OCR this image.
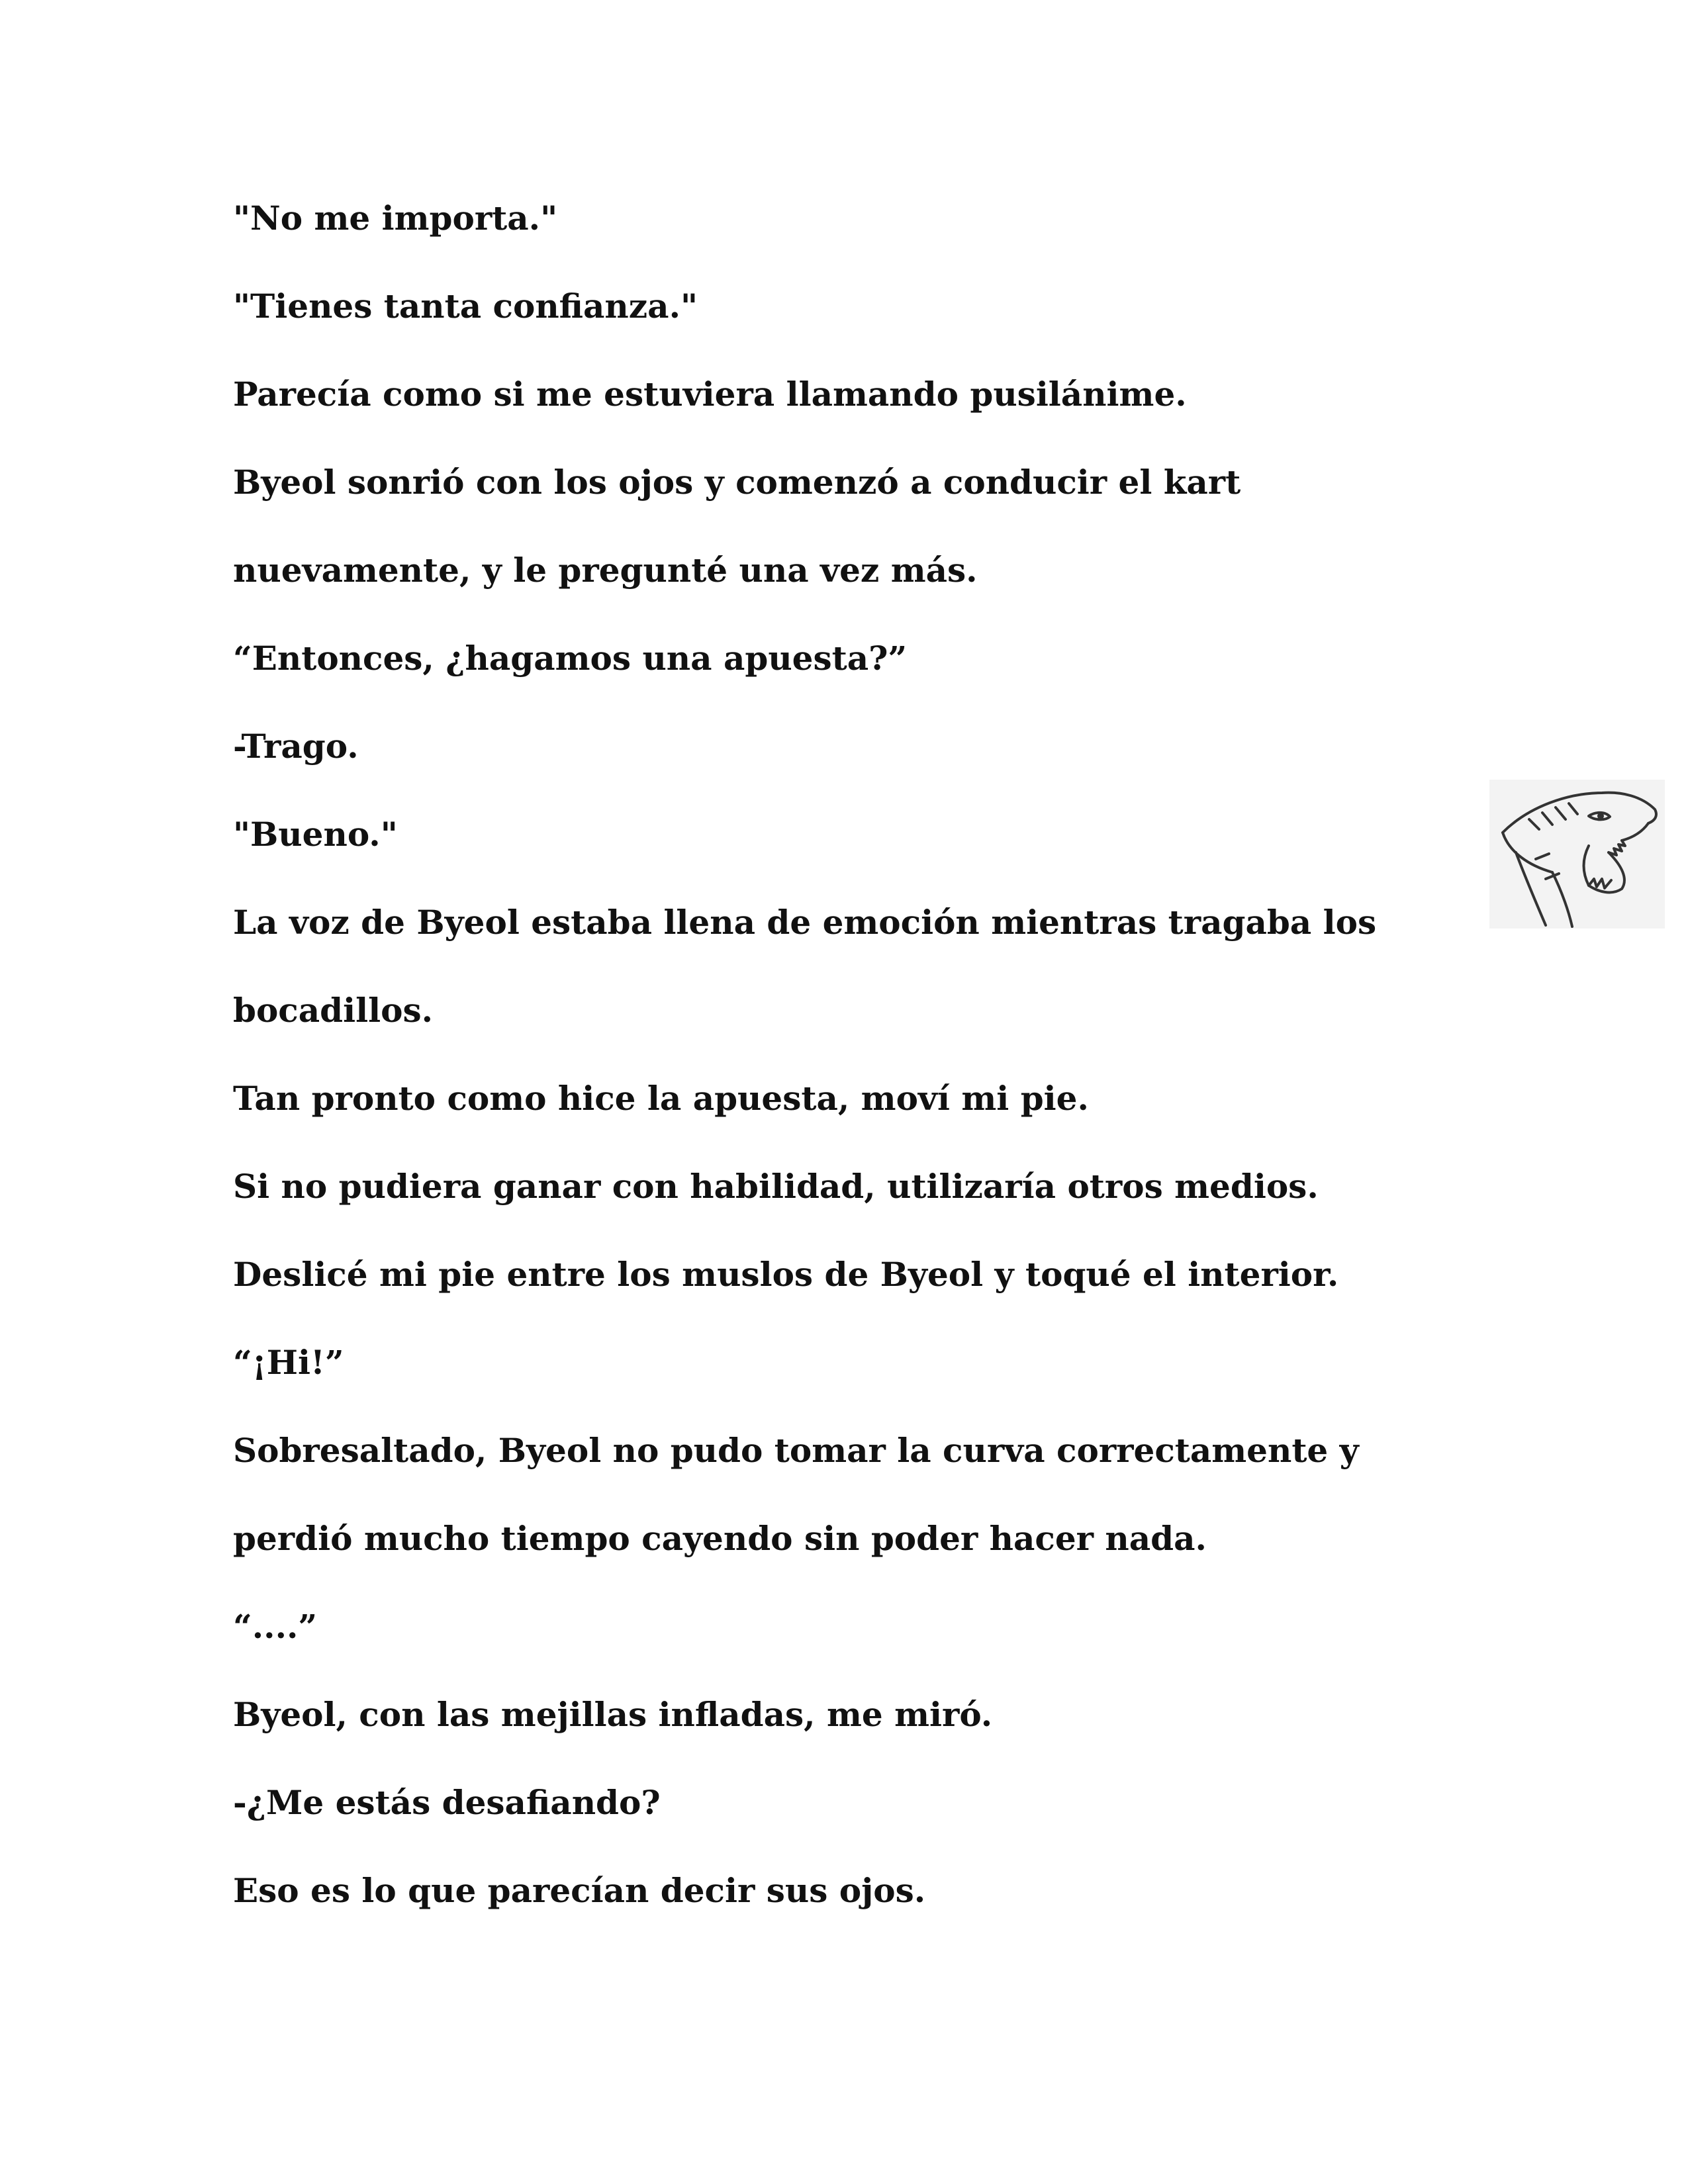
"No me importa."
"Tienes tanta confianza."
Parecía como si me estuviera llamando pusilánime.
Byeol sonrió con los ojos y comenzó a conducir el kart
nuevamente, y le pregunté una vez más.
“Entonces, ¿hagamos una apuesta?”
-Trago.
"Bueno."
La voz de Byeol estaba llena de emoción mientras tragaba los
bocadillos.
Tan pronto como hice la apuesta, moví mi pie.
Si no pudiera ganar con habilidad, utilizaría otros medios.
Deslicé mi pie entre los muslos de Byeol y toqué el interior.
“¡Hi!”
Sobresaltado, Byeol no pudo tomar la curva correctamente y
perdió mucho tiempo cayendo sin poder hacer nada.
“....”
Byeol, con las mejillas infladas, me miró.
-¿Me estás desafiando?
Eso es lo que parecían decir sus ojos.
